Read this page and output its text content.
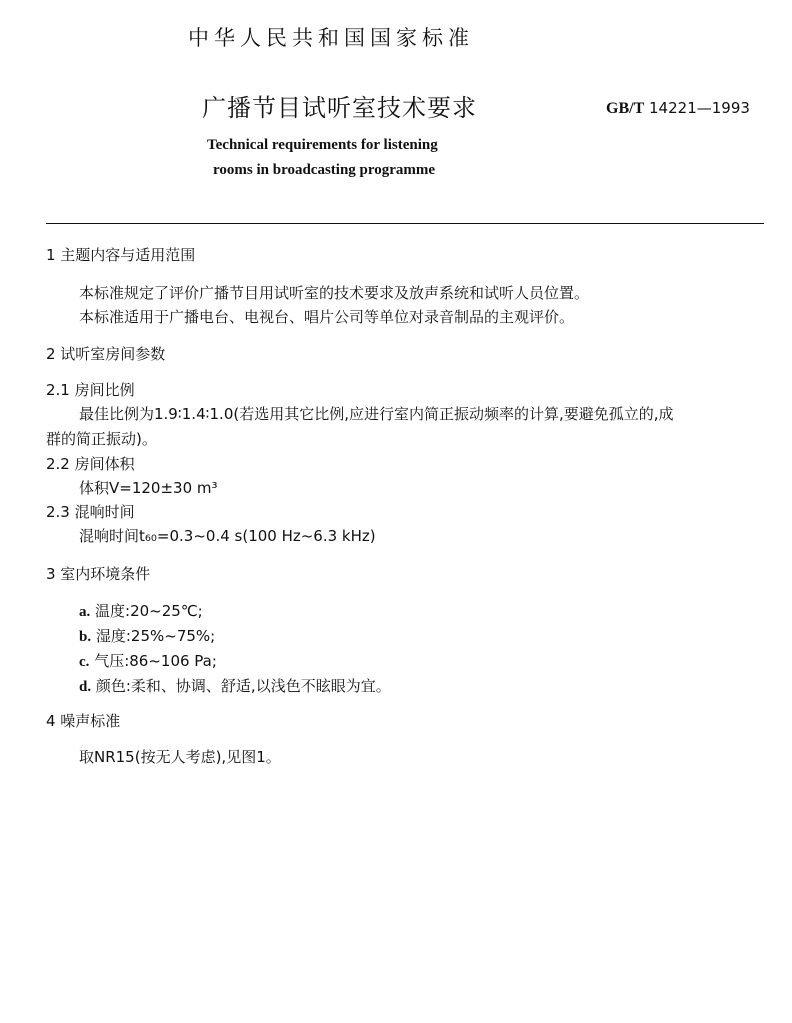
中华人民共和国国家标准
广播节目试听室技术要求	GB/T 14221—1993
Technical requirements for listening
rooms in broadcasting programme
1 主题内容与适用范围
本标准规定了评价广播节目用试听室的技术要求及放声系统和试听人员位置。
本标准适用于广播电台、电视台、唱片公司等单位对录音制品的主观评价。
2 试听室房间参数
2.1 房间比例
最佳比例为1.9∶1.4∶1.0(若选用其它比例,应进行室内简正振动频率的计算,要避免孤立的,成
群的简正振动)。
2.2 房间体积
体积V=120±30 m³
2.3 混响时间
混响时间t₆₀=0.3~0.4 s(100 Hz~6.3 kHz)
3 室内环境条件
a. 温度:20~25℃;
b. 湿度:25%~75%;
c. 气压:86~106 Pa;
d. 颜色:柔和、协调、舒适,以浅色不眩眼为宜。
4 噪声标准
取NR15(按无人考虑),见图1。
